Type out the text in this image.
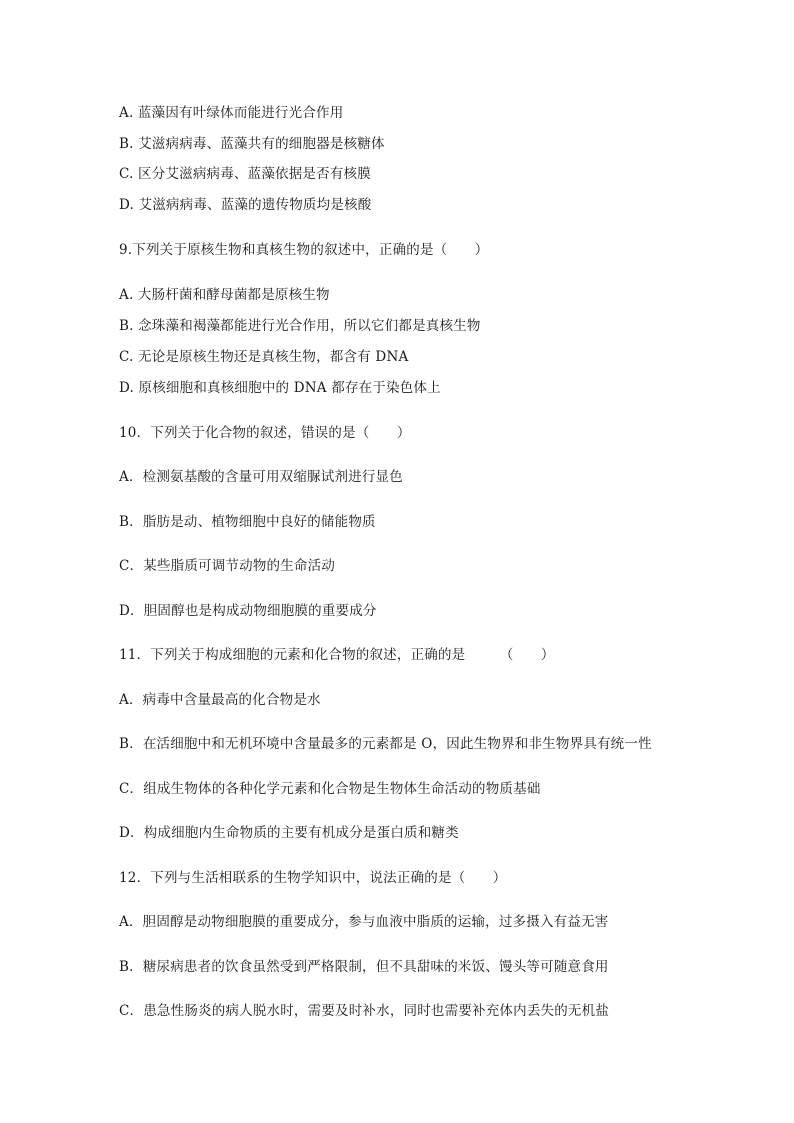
A. 蓝藻因有叶绿体而能进行光合作用
B. 艾滋病病毒、蓝藻共有的细胞器是核糖体
C. 区分艾滋病病毒、蓝藻依据是否有核膜
D. 艾滋病病毒、蓝藻的遗传物质均是核酸
9.下列关于原核生物和真核生物的叙述中，正确的是（　　）
A. 大肠杆菌和酵母菌都是原核生物
B. 念珠藻和褐藻都能进行光合作用，所以它们都是真核生物
C. 无论是原核生物还是真核生物，都含有 DNA
D. 原核细胞和真核细胞中的 DNA 都存在于染色体上
10．下列关于化合物的叙述，错误的是（　　）
A．检测氨基酸的含量可用双缩脲试剂进行显色
B．脂肪是动、植物细胞中良好的储能物质
C．某些脂质可调节动物的生命活动
D．胆固醇也是构成动物细胞膜的重要成分
11．下列关于构成细胞的元素和化合物的叙述，正确的是　　　（　　）
A．病毒中含量最高的化合物是水
B．在活细胞中和无机环境中含量最多的元素都是 O，因此生物界和非生物界具有统一性
C．组成生物体的各种化学元素和化合物是生物体生命活动的物质基础
D．构成细胞内生命物质的主要有机成分是蛋白质和糖类
12．下列与生活相联系的生物学知识中，说法正确的是（　　）
A．胆固醇是动物细胞膜的重要成分，参与血液中脂质的运输，过多摄入有益无害
B．糖尿病患者的饮食虽然受到严格限制，但不具甜味的米饭、馒头等可随意食用
C．患急性肠炎的病人脱水时，需要及时补水，同时也需要补充体内丢失的无机盐
